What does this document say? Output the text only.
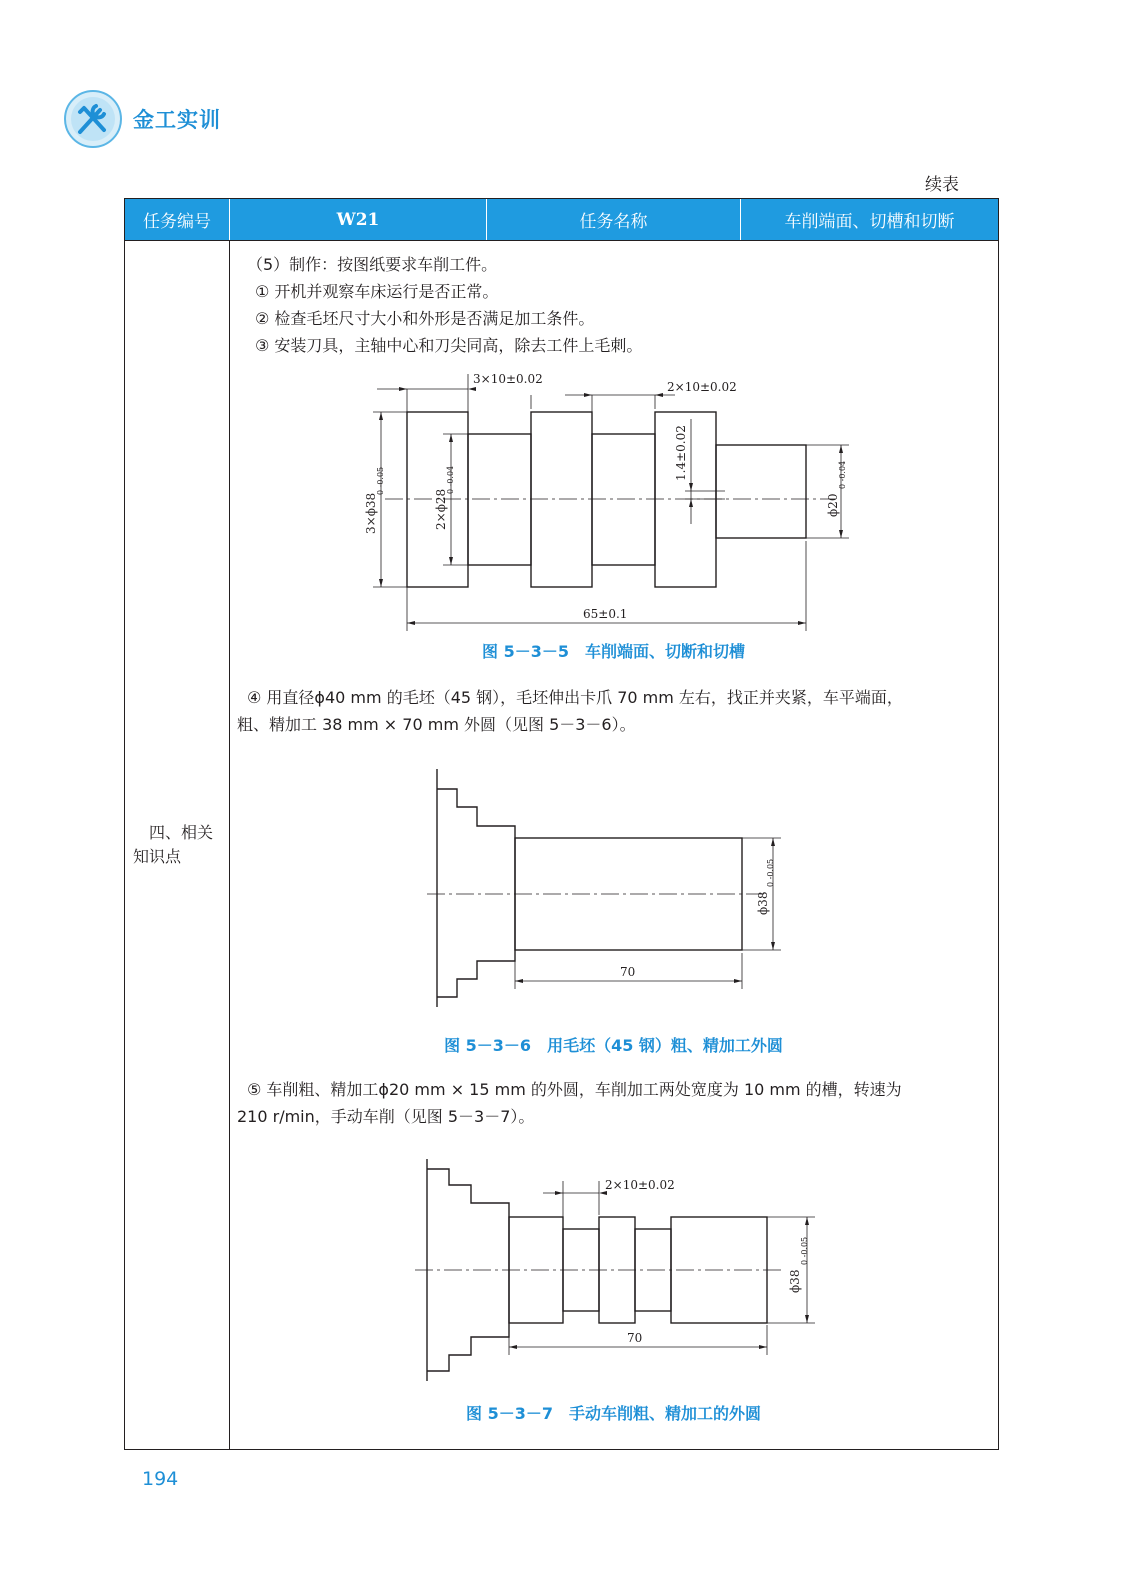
金工实训
续表
任务编号	W21	任务名称	车削端面、切槽和切断
四、相关
知识点
（5）制作：按图纸要求车削工件。
① 开机并观察车床运行是否正常。
② 检查毛坯尺寸大小和外形是否满足加工条件。
③ 安装刀具，主轴中心和刀尖同高，除去工件上毛刺。
3×10±0.02
2×10±0.02
3×ϕ38
0 -0.05
2×ϕ28
0 -0.04	1.4±0.02
ϕ20
0 -0.04
65±0.1
图 5－3－5　车削端面、切断和切槽
④ 用直径ϕ40 mm 的毛坯（45 钢），毛坯伸出卡爪 70 mm 左右，找正并夹紧，车平端面，
粗、精加工 38 mm × 70 mm 外圆（见图 5－3－6）。
ϕ38
0 -0.05
70
图 5－3－6　用毛坯（45 钢）粗、精加工外圆
⑤ 车削粗、精加工ϕ20 mm × 15 mm 的外圆，车削加工两处宽度为 10 mm 的槽，转速为
210 r/min，手动车削（见图 5－3－7）。
2×10±0.02
ϕ38
0 -0.05
70
图 5－3－7　手动车削粗、精加工的外圆
194
